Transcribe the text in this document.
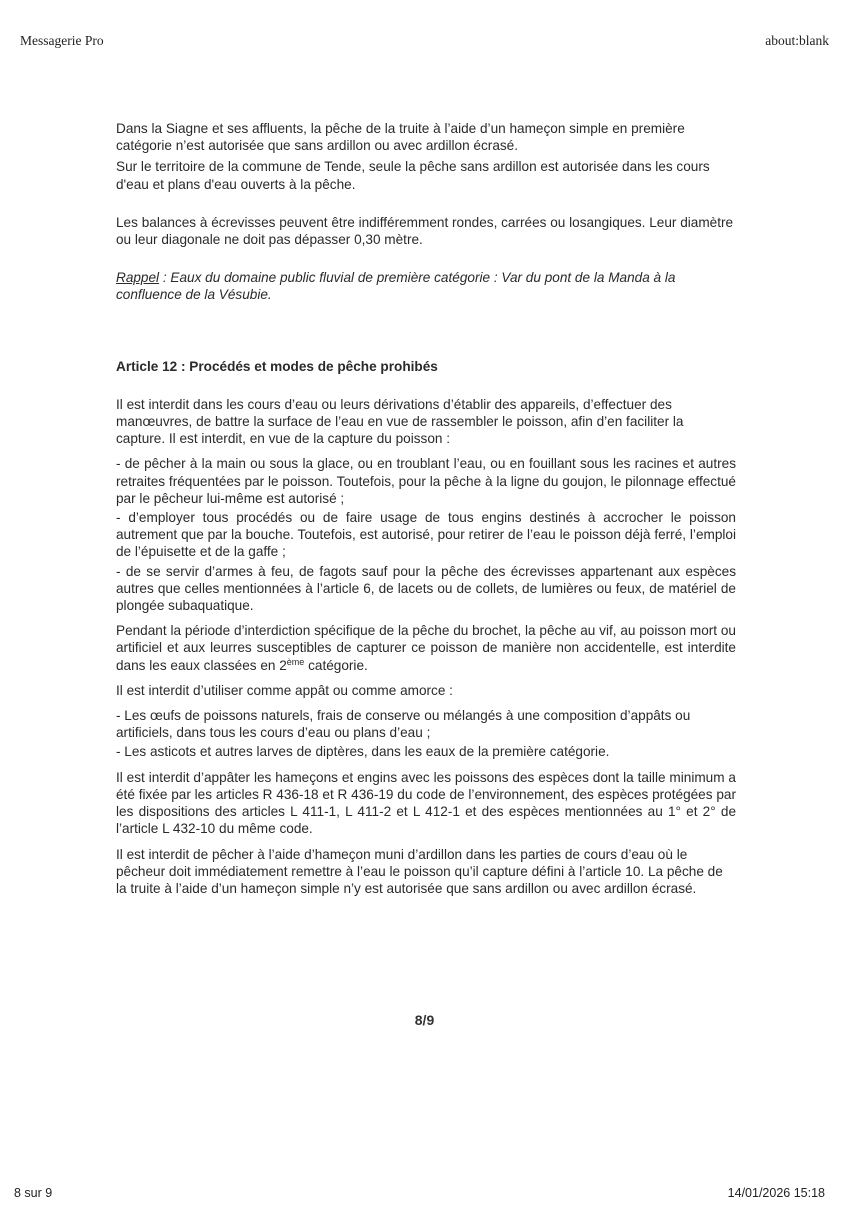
Messagerie Pro	about:blank

Dans la Siagne et ses affluents, la pêche de la truite à l’aide d’un hameçon simple en première catégorie n’est autorisée que sans ardillon ou avec ardillon écrasé.

Sur le territoire de la commune de Tende, seule la pêche sans ardillon est autorisée dans les cours d'eau et plans d'eau ouverts à la pêche.

Les balances à écrevisses peuvent être indifféremment rondes, carrées ou losangiques. Leur diamètre ou leur diagonale ne doit pas dépasser 0,30 mètre.

Rappel : Eaux du domaine public fluvial de première catégorie : Var du pont de la Manda à la confluence de la Vésubie.

Article 12 : Procédés et modes de pêche prohibés

Il est interdit dans les cours d’eau ou leurs dérivations d’établir des appareils, d’effectuer des manœuvres, de battre la surface de l’eau en vue de rassembler le poisson, afin d’en faciliter la capture. Il est interdit, en vue de la capture du poisson :

- de pêcher à la main ou sous la glace, ou en troublant l’eau, ou en fouillant sous les racines et autres retraites fréquentées par le poisson. Toutefois, pour la pêche à la ligne du goujon, le pilonnage effectué par le pêcheur lui-même est autorisé ;

- d’employer tous procédés ou de faire usage de tous engins destinés à accrocher le poisson autrement que par la bouche. Toutefois, est autorisé, pour retirer de l’eau le poisson déjà ferré, l’emploi de l’épuisette et de la gaffe ;

- de se servir d’armes à feu, de fagots sauf pour la pêche des écrevisses appartenant aux espèces autres que celles mentionnées à l’article 6, de lacets ou de collets, de lumières ou feux, de matériel de plongée subaquatique.

Pendant la période d’interdiction spécifique de la pêche du brochet, la pêche au vif, au poisson mort ou artificiel et aux leurres susceptibles de capturer ce poisson de manière non accidentelle, est interdite dans les eaux classées en 2ème catégorie.

Il est interdit d’utiliser comme appât ou comme amorce :

- Les œufs de poissons naturels, frais de conserve ou mélangés à une composition d’appâts ou artificiels, dans tous les cours d’eau ou plans d’eau ;

- Les asticots et autres larves de diptères, dans les eaux de la première catégorie.

Il est interdit d’appâter les hameçons et engins avec les poissons des espèces dont la taille minimum a été fixée par les articles R 436-18 et R 436-19 du code de l’environnement, des espèces protégées par les dispositions des articles L 411-1, L 411-2 et L 412-1 et des espèces mentionnées au 1° et 2° de l’article L 432-10 du même code.

Il est interdit de pêcher à l’aide d’hameçon muni d’ardillon dans les parties de cours d’eau où le pêcheur doit immédiatement remettre à l’eau le poisson qu’il capture défini à l’article 10. La pêche de la truite à l’aide d’un hameçon simple n’y est autorisée que sans ardillon ou avec ardillon écrasé.

8/9
8 sur 9	14/01/2026 15:18
